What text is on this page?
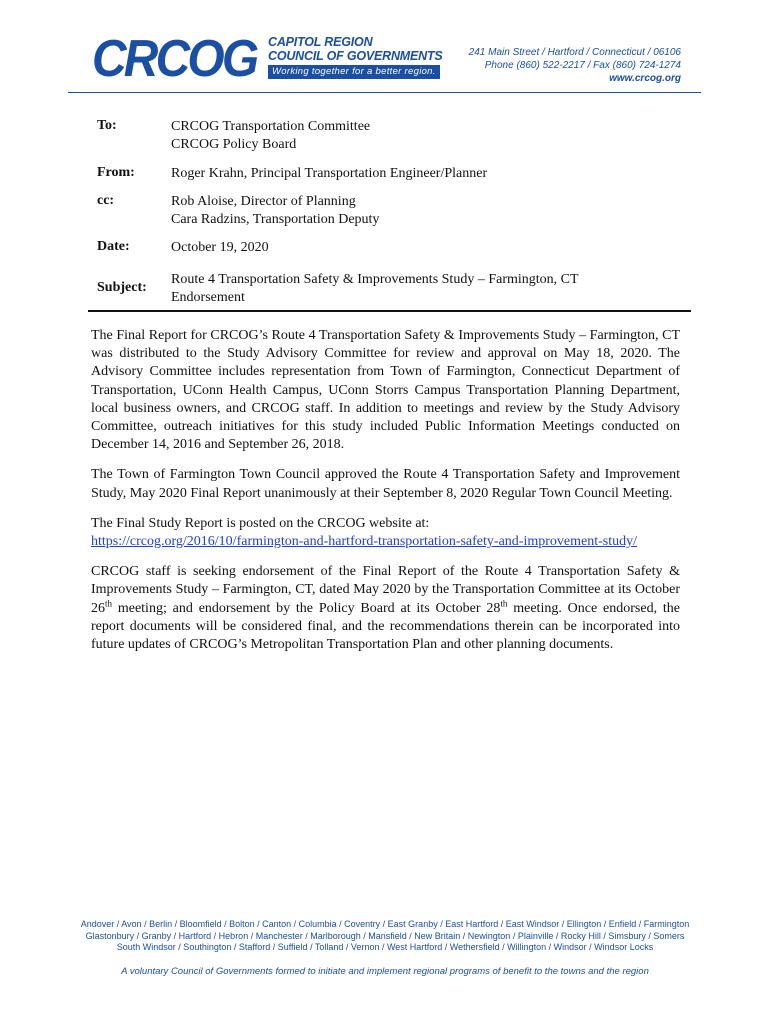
CRCOG CAPITOL REGION
COUNCIL OF GOVERNMENTS
Working together for a better region.
241 Main Street / Hartford / Connecticut / 06106
Phone (860) 522-2217 / Fax (860) 724-1274
www.crcog.org
To:	CRCOG Transportation Committee
CRCOG Policy Board
From:	Roger Krahn, Principal Transportation Engineer/Planner
cc:	Rob Aloise, Director of Planning
Cara Radzins, Transportation Deputy
Date:	October 19, 2020
Subject:
Route 4 Transportation Safety & Improvements Study – Farmington, CT
Endorsement

The Final Report for CRCOG’s Route 4 Transportation Safety & Improvements Study – Farmington, CT was distributed to the Study Advisory Committee for review and approval on May 18, 2020. The Advisory Committee includes representation from Town of Farmington, Connecticut Department of Transportation, UConn Health Campus, UConn Storrs Campus Transportation Planning Department, local business owners, and CRCOG staff. In addition to meetings and review by the Study Advisory Committee, outreach initiatives for this study included Public Information Meetings conducted on December 14, 2016 and September 26, 2018.

The Town of Farmington Town Council approved the Route 4 Transportation Safety and Improvement Study, May 2020 Final Report unanimously at their September 8, 2020 Regular Town Council Meeting.

The Final Study Report is posted on the CRCOG website at:
https://crcog.org/2016/10/farmington-and-hartford-transportation-safety-and-improvement-study/

CRCOG staff is seeking endorsement of the Final Report of the Route 4 Transportation Safety & Improvements Study – Farmington, CT, dated May 2020 by the Transportation Committee at its October 26th meeting; and endorsement by the Policy Board at its October 28th meeting. Once endorsed, the report documents will be considered final, and the recommendations therein can be incorporated into future updates of CRCOG’s Metropolitan Transportation Plan and other planning documents.

Andover / Avon / Berlin / Bloomfield / Bolton / Canton / Columbia / Coventry / East Granby / East Hartford / East Windsor / Ellington / Enfield / Farmington
Glastonbury / Granby / Hartford / Hebron / Manchester / Marlborough / Mansfield / New Britain / Newington / Plainville / Rocky Hill / Simsbury / Somers
South Windsor / Southington / Stafford / Suffield / Tolland / Vernon / West Hartford / Wethersfield / Willington / Windsor / Windsor Locks
A voluntary Council of Governments formed to initiate and implement regional programs of benefit to the towns and the region
